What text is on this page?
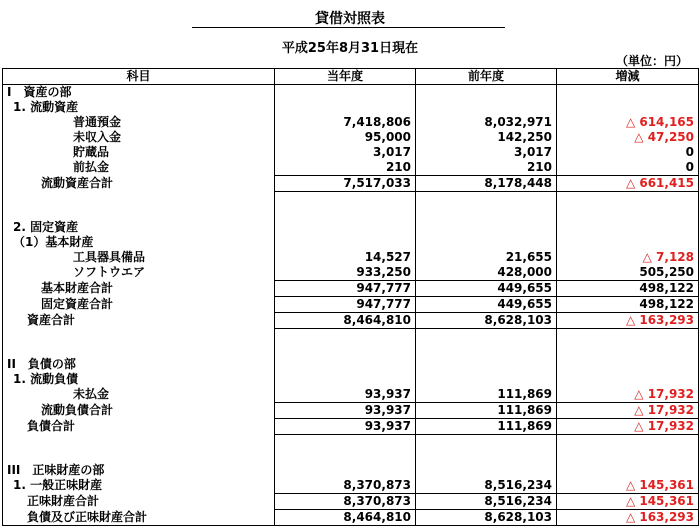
貸借対照表
平成25年8月31日現在
（単位：円）
科目	当年度	前年度	増減
I　資産の部			
1. 流動資産			
普通預金	7,418,806	8,032,971	△ 614,165
未収入金	95,000	142,250	△ 47,250
貯蔵品	3,017	3,017	0
前払金	210	210	0
流動資産合計	7,517,033	8,178,448	△ 661,415

2. 固定資産			
（1）基本財産			
工具器具備品	14,527	21,655	△ 7,128
ソフトウエア	933,250	428,000	505,250
基本財産合計	947,777	449,655	498,122
固定資産合計	947,777	449,655	498,122
資産合計	8,464,810	8,628,103	△ 163,293

II　負債の部			
1. 流動負債			
未払金	93,937	111,869	△ 17,932
流動負債合計	93,937	111,869	△ 17,932
負債合計	93,937	111,869	△ 17,932

III　正味財産の部			
1. 一般正味財産	8,370,873	8,516,234	△ 145,361
正味財産合計	8,370,873	8,516,234	△ 145,361
負債及び正味財産合計	8,464,810	8,628,103	△ 163,293
